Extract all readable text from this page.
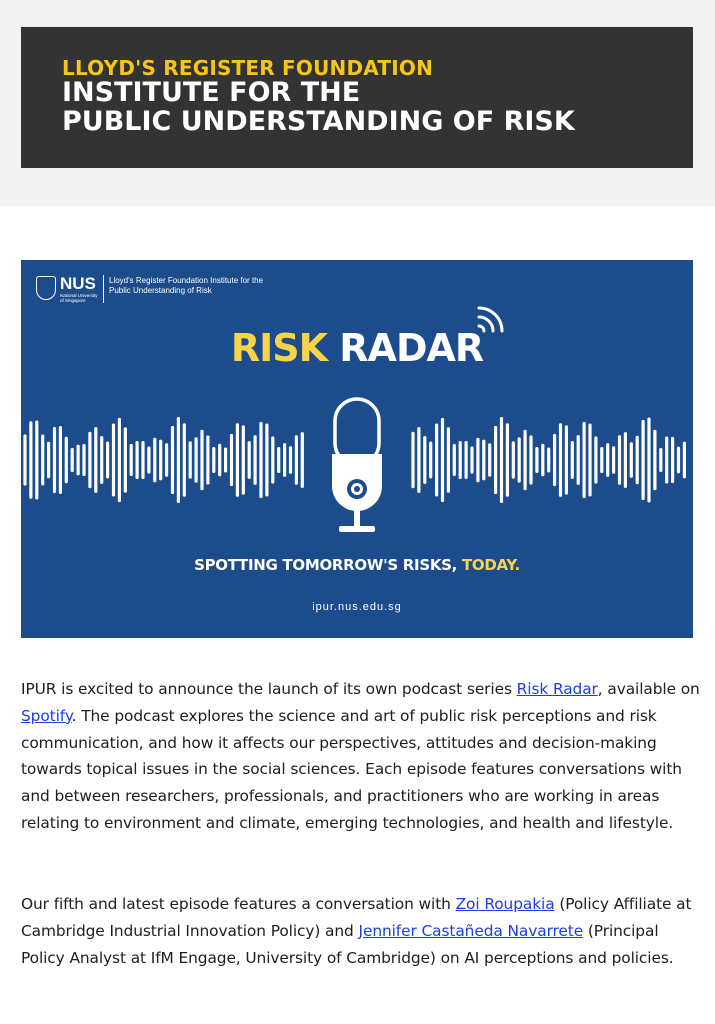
LLOYD'S REGISTER FOUNDATION
INSTITUTE FOR THE
PUBLIC UNDERSTANDING OF RISK
NUS
National University of Singapore
Lloyd's Register Foundation Institute for the Public Understanding of Risk
RISK RADAR
SPOTTING TOMORROW'S RISKS, TODAY.
ipur.nus.edu.sg

IPUR is excited to announce the launch of its own podcast series Risk Radar, available on Spotify. The podcast explores the science and art of public risk perceptions and risk communication, and how it affects our perspectives, attitudes and decision-making towards topical issues in the social sciences. Each episode features conversations with and between researchers, professionals, and practitioners who are working in areas relating to environment and climate, emerging technologies, and health and lifestyle.

Our fifth and latest episode features a conversation with Zoi Roupakia (Policy Affiliate at Cambridge Industrial Innovation Policy) and Jennifer Castañeda Navarrete (Principal Policy Analyst at IfM Engage, University of Cambridge) on AI perceptions and policies.
